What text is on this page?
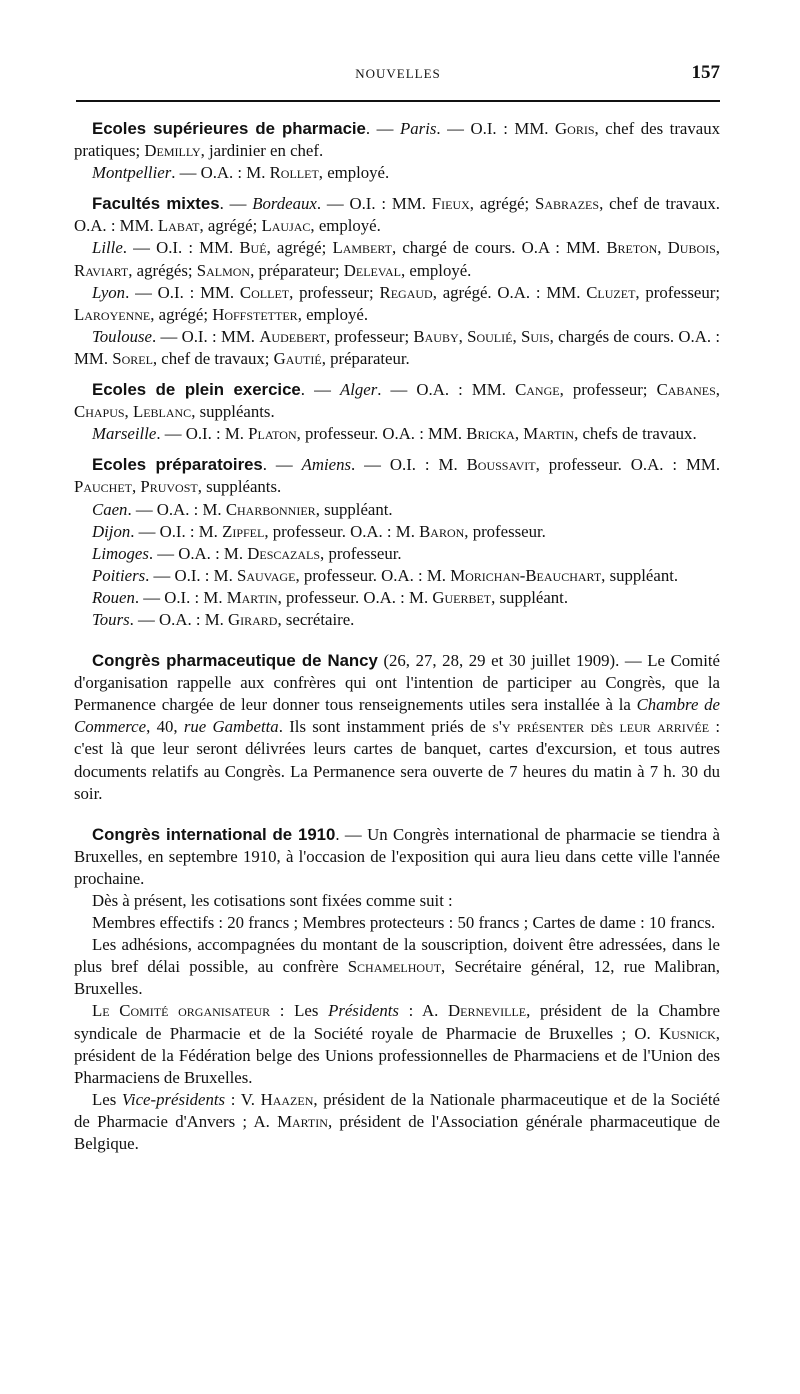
NOUVELLES	157

Ecoles supérieures de pharmacie. — Paris. — O.I. : MM. Goris, chef des travaux pratiques; Demilly, jardinier en chef.

Montpellier. — O.A. : M. Rollet, employé.

Facultés mixtes. — Bordeaux. — O.I. : MM. Fieux, agrégé; Sabrazes, chef de travaux. O.A. : MM. Labat, agrégé; Laujac, employé.

Lille. — O.I. : MM. Bué, agrégé; Lambert, chargé de cours. O.A : MM. Breton, Dubois, Raviart, agrégés; Salmon, préparateur; Deleval, employé.

Lyon. — O.I. : MM. Collet, professeur; Regaud, agrégé. O.A. : MM. Cluzet, professeur; Laroyenne, agrégé; Hoffstetter, employé.

Toulouse. — O.I. : MM. Audebert, professeur; Bauby, Soulié, Suis, chargés de cours. O.A. : MM. Sorel, chef de travaux; Gautié, préparateur.

Ecoles de plein exercice. — Alger. — O.A. : MM. Cange, professeur; Cabanes, Chapus, Leblanc, suppléants.

Marseille. — O.I. : M. Platon, professeur. O.A. : MM. Bricka, Martin, chefs de travaux.

Ecoles préparatoires. — Amiens. — O.I. : M. Boussavit, professeur. O.A. : MM. Pauchet, Pruvost, suppléants.

Caen. — O.A. : M. Charbonnier, suppléant.

Dijon. — O.I. : M. Zipfel, professeur. O.A. : M. Baron, professeur.

Limoges. — O.A. : M. Descazals, professeur.

Poitiers. — O.I. : M. Sauvage, professeur. O.A. : M. Morichan-Beauchart, suppléant.

Rouen. — O.I. : M. Martin, professeur. O.A. : M. Guerbet, suppléant.

Tours. — O.A. : M. Girard, secrétaire.

Congrès pharmaceutique de Nancy (26, 27, 28, 29 et 30 juillet 1909). — Le Comité d'organisation rappelle aux confrères qui ont l'intention de participer au Congrès, que la Permanence chargée de leur donner tous renseignements utiles sera installée à la Chambre de Commerce, 40, rue Gambetta. Ils sont instamment priés de s'y présenter dès leur arrivée : c'est là que leur seront délivrées leurs cartes de banquet, cartes d'excursion, et tous autres documents relatifs au Congrès. La Permanence sera ouverte de 7 heures du matin à 7 h. 30 du soir.

Congrès international de 1910. — Un Congrès international de pharmacie se tiendra à Bruxelles, en septembre 1910, à l'occasion de l'exposition qui aura lieu dans cette ville l'année prochaine.

Dès à présent, les cotisations sont fixées comme suit :

Membres effectifs : 20 francs ; Membres protecteurs : 50 francs ; Cartes de dame : 10 francs.

Les adhésions, accompagnées du montant de la souscription, doivent être adressées, dans le plus bref délai possible, au confrère Schamelhout, Secrétaire général, 12, rue Malibran, Bruxelles.

Le Comité organisateur : Les Présidents : A. Derneville, président de la Chambre syndicale de Pharmacie et de la Société royale de Pharmacie de Bruxelles ; O. Kusnick, président de la Fédération belge des Unions professionnelles de Pharmaciens et de l'Union des Pharmaciens de Bruxelles.

Les Vice-présidents : V. Haazen, président de la Nationale pharmaceutique et de la Société de Pharmacie d'Anvers ; A. Martin, président de l'Association générale pharmaceutique de Belgique.
